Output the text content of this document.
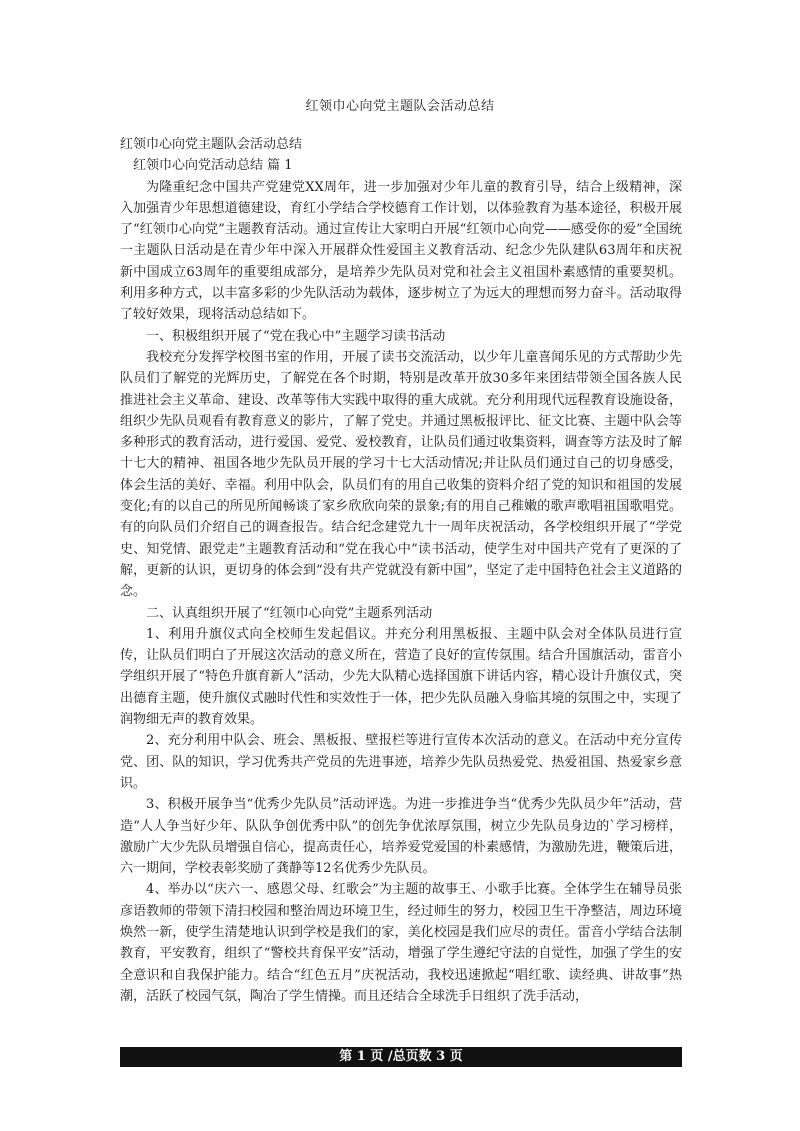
红领巾心向党主题队会活动总结

红领巾心向党主题队会活动总结

红领巾心向党活动总结 篇 1

为隆重纪念中国共产党建党XX周年，进一步加强对少年儿童的教育引导，结合上级精神，深入加强青少年思想道德建设，育红小学结合学校德育工作计划，以体验教育为基本途径，积极开展了“红领巾心向党”主题教育活动。通过宣传让大家明白开展“红领巾心向党——感受你的爱”全国统一主题队日活动是在青少年中深入开展群众性爱国主义教育活动、纪念少先队建队63周年和庆祝新中国成立63周年的重要组成部分，是培养少先队员对党和社会主义祖国朴素感情的重要契机。利用多种方式，以丰富多彩的少先队活动为载体，逐步树立了为远大的理想而努力奋斗。活动取得了较好效果，现将活动总结如下。

一、积极组织开展了“党在我心中”主题学习读书活动

我校充分发挥学校图书室的作用，开展了读书交流活动，以少年儿童喜闻乐见的方式帮助少先队员们了解党的光辉历史，了解党在各个时期，特别是改革开放30多年来团结带领全国各族人民推进社会主义革命、建设、改革等伟大实践中取得的重大成就。充分利用现代远程教育设施设备，组织少先队员观看有教育意义的影片，了解了党史。并通过黑板报评比、征文比赛、主题中队会等多种形式的教育活动，进行爱国、爱党、爱校教育，让队员们通过收集资料，调查等方法及时了解十七大的精神、祖国各地少先队员开展的学习十七大活动情况;并让队员们通过自己的切身感受，体会生活的美好、幸福。利用中队会，队员们有的用自己收集的资料介绍了党的知识和祖国的发展变化;有的以自己的所见所闻畅谈了家乡欣欣向荣的景象;有的用自己稚嫩的歌声歌唱祖国歌唱党。有的向队员们介绍自己的调查报告。结合纪念建党九十一周年庆祝活动，各学校组织开展了“学党史、知党情、跟党走”主题教育活动和“党在我心中”读书活动，使学生对中国共产党有了更深的了解，更新的认识，更切身的体会到“没有共产党就没有新中国”，坚定了走中国特色社会主义道路的念。

二、认真组织开展了“红领巾心向党”主题系列活动

1、利用升旗仪式向全校师生发起倡议。并充分利用黑板报、主题中队会对全体队员进行宣传，让队员们明白了开展这次活动的意义所在，营造了良好的宣传氛围。结合升国旗活动，雷音小学组织开展了“特色升旗育新人”活动，少先大队精心选择国旗下讲话内容，精心设计升旗仪式，突出德育主题，使升旗仪式融时代性和实效性于一体，把少先队员融入身临其境的氛围之中，实现了润物细无声的教育效果。

2、充分利用中队会、班会、黑板报、壁报栏等进行宣传本次活动的意义。在活动中充分宣传党、团、队的知识，学习优秀共产党员的先进事迹，培养少先队员热爱党、热爱祖国、热爱家乡意识。

3、积极开展争当“优秀少先队员”活动评选。为进一步推进争当“优秀少先队员少年”活动，营造“人人争当好少年、队队争创优秀中队”的创先争优浓厚氛围，树立少先队员身边的`学习榜样，激励广大少先队员增强自信心，提高责任心，培养爱党爱国的朴素感情，为激励先进，鞭策后进，六一期间，学校表彰奖励了龚静等12名优秀少先队员。

4、举办以“庆六一、感恩父母、红歌会”为主题的故事王、小歌手比赛。全体学生在辅导员张彦语教师的带领下清扫校园和整治周边环境卫生，经过师生的努力，校园卫生干净整洁，周边环境焕然一新，使学生清楚地认识到学校是我们的家，美化校园是我们应尽的责任。雷音小学结合法制教育，平安教育，组织了“警校共育保平安”活动，增强了学生遵纪守法的自觉性，加强了学生的安全意识和自我保护能力。结合“红色五月”庆祝活动，我校迅速掀起“唱红歌、读经典、讲故事”热潮，活跃了校园气氛，陶冶了学生情操。而且还结合全球洗手日组织了洗手活动，

第 1 页 /总页数 3 页
